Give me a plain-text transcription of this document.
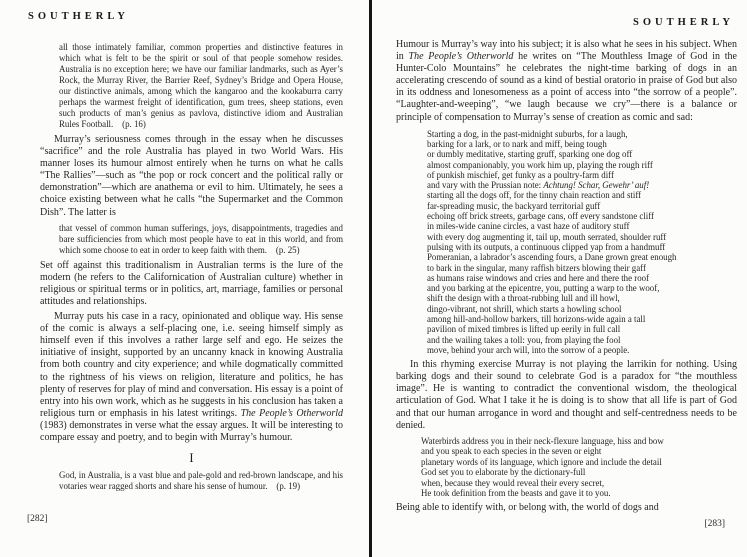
SOUTHERLY
all those intimately familiar, common properties and distinctive features in which what is felt to be the spirit or soul of that people somehow resides. Australia is no exception here; we have our familiar landmarks, such as Ayer’s Rock, the Murray River, the Barrier Reef, Sydney’s Bridge and Opera House, our distinctive animals, among which the kangaroo and the kookaburra carry perhaps the warmest freight of identification, gum trees, sheep stations, even such products of man’s genius as pavlova, distinctive idiom and Australian Rules Football. (p. 16)

Murray’s seriousness comes through in the essay when he discusses “sacrifice” and the role Australia has played in two World Wars. His manner loses its humour almost entirely when he turns on what he calls “The Rallies”—such as “the pop or rock concert and the political rally or demonstration”—which are anathema or evil to him. Ultimately, he sees a choice existing between what he calls “the Supermarket and the Common Dish”. The latter is

that vessel of common human sufferings, joys, disappointments, tragedies and bare sufficiencies from which most people have to eat in this world, and from which some choose to eat in order to keep faith with them. (p. 25)

Set off against this traditionalism in Australian terms is the lure of the modern (he refers to the Californication of Australian culture) whether in religious or spiritual terms or in politics, art, marriage, families or personal attitudes and relationships.

Murray puts his case in a racy, opinionated and oblique way. His sense of the comic is always a self-placing one, i.e. seeing himself simply as himself even if this involves a rather large self and ego. He seizes the initiative of insight, supported by an uncanny knack in knowing Australia from both country and city experience; and while dogmatically committed to the rightness of his views on religion, literature and politics, he has plenty of reserves for play of mind and conversation. His essay is a point of entry into his own work, which as he suggests in his conclusion has taken a religious turn or emphasis in his latest writings. The People’s Otherworld (1983) demonstrates in verse what the essay argues. It will be interesting to compare essay and poetry, and to begin with Murray’s humour.

I
God, in Australia, is a vast blue and pale-gold and red-brown landscape, and his votaries wear ragged shorts and share his sense of humour. (p. 19)
[282]
SOUTHERLY

Humour is Murray’s way into his subject; it is also what he sees in his subject. When in The People’s Otherworld he writes on “The Mouthless Image of God in the Hunter-Colo Mountains” he celebrates the night-time barking of dogs in an accelerating crescendo of sound as a kind of bestial oratorio in praise of God but also in its oddness and lonesomeness as a point of access into “the sorrow of a people”. “Laughter-and-weeping”, “we laugh because we cry”—there is a balance or principle of compensation to Murray’s sense of creation as comic and sad:

Starting a dog, in the past-midnight suburbs, for a laugh,
barking for a lark, or to nark and miff, being tough
or dumbly meditative, starting gruff, sparking one dog off
almost companionably, you work him up, playing the rough riff
of punkish mischief, get funky as a poultry-farm diff
and vary with the Prussian note: Achtung! Schar, Gewehr’ auf!
starting all the dogs off, for the tinny chain reaction and stiff
far-spreading music, the backyard territorial guff
echoing off brick streets, garbage cans, off every sandstone cliff
in miles-wide canine circles, a vast haze of auditory stuff
with every dog augmenting it, tail up, mouth serrated, shoulder ruff
pulsing with its outputs, a continuous clipped yap from a handmuff
Pomeranian, a labrador’s ascending fours, a Dane grown great enough
to bark in the singular, many raffish bitzers blowing their gaff
as humans raise windows and cries and here and there the roof
and you barking at the epicentre, you, putting a warp to the woof,
shift the design with a throat-rubbing lull and ill howl,
dingo-vibrant, not shrill, which starts a howling school
among hill-and-hollow barkers, till horizons-wide again a tall
pavilion of mixed timbres is lifted up eerily in full call
and the wailing takes a toll: you, from playing the fool
move, behind your arch will, into the sorrow of a people.

In this rhyming exercise Murray is not playing the larrikin for nothing. Using barking dogs and their sound to celebrate God is a paradox for “the mouthless image”. He is wanting to contradict the conventional wisdom, the theological articulation of God. What I take it he is doing is to show that all life is part of God and that our human arrogance in word and thought and self-centredness needs to be denied.

Waterbirds address you in their neck-flexure language, hiss and bow
and you speak to each species in the seven or eight
planetary words of its language, which ignore and include the detail
God set you to elaborate by the dictionary-full
when, because they would reveal their every secret,
He took definition from the beasts and gave it to you.
Being able to identify with, or belong with, the world of dogs and
[283]
